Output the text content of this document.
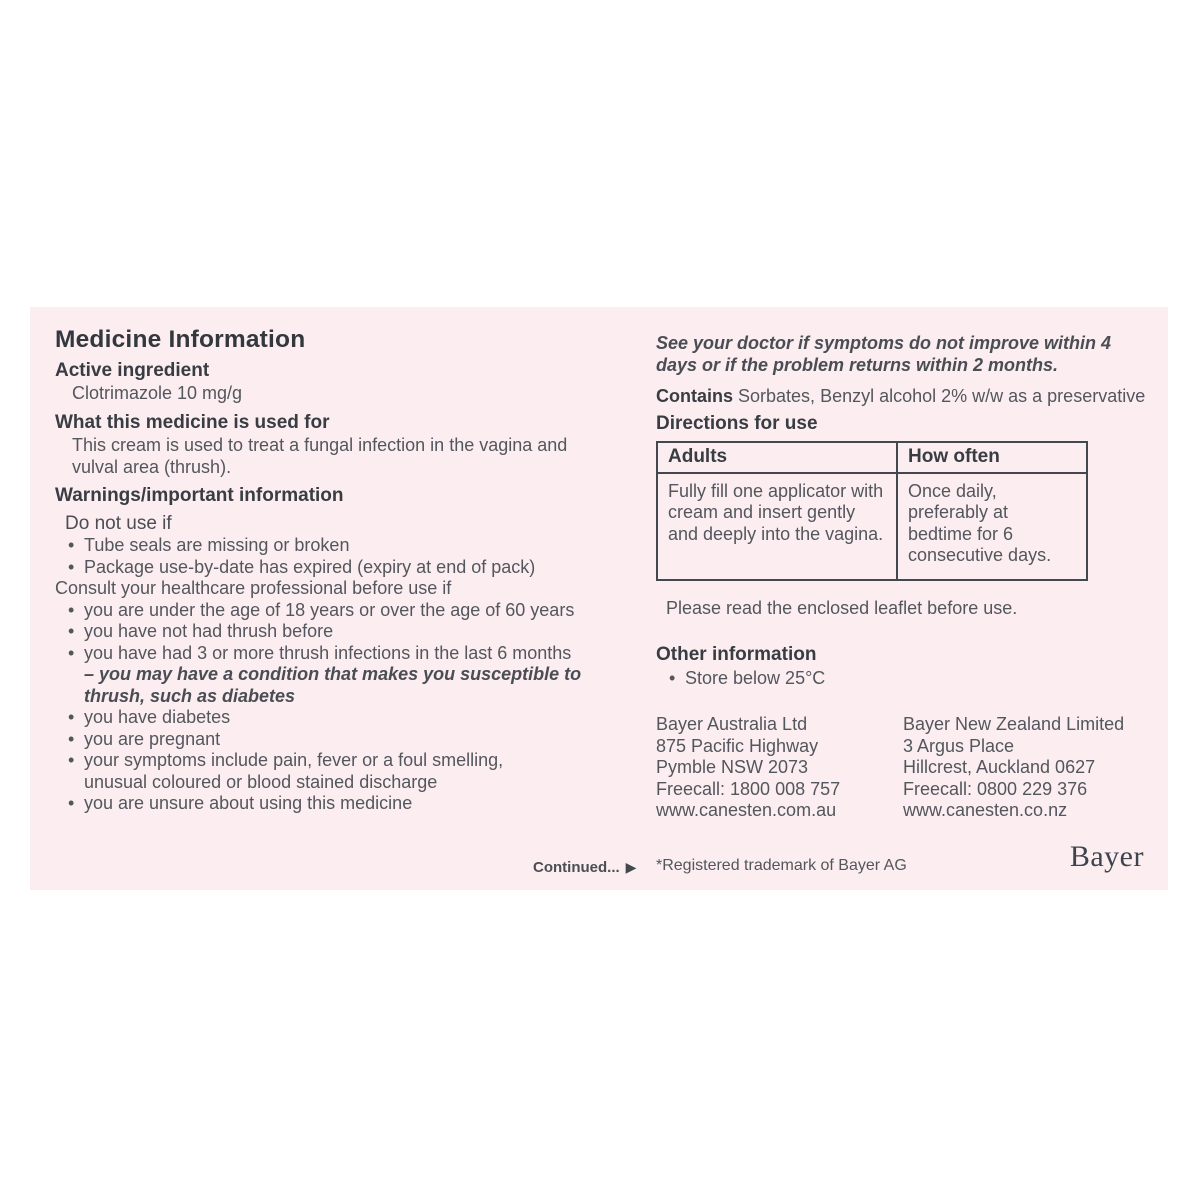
Medicine Information
Active ingredient
Clotrimazole 10 mg/g
What this medicine is used for
This cream is used to treat a fungal infection in the vagina and vulval area (thrush).
Warnings/important information
Do not use if
• Tube seals are missing or broken
• Package use-by-date has expired (expiry at end of pack)
Consult your healthcare professional before use if
• you are under the age of 18 years or over the age of 60 years
• you have not had thrush before
• you have had 3 or more thrush infections in the last 6 months
– you may have a condition that makes you susceptible to thrush, such as diabetes
• you have diabetes
• you are pregnant
• your symptoms include pain, fever or a foul smelling, unusual coloured or blood stained discharge
• you are unsure about using this medicine
See your doctor if symptoms do not improve within 4 days or if the problem returns within 2 months.
Contains Sorbates, Benzyl alcohol 2% w/w as a preservative
Directions for use
Adults	How often
Fully fill one applicator with cream and insert gently and deeply into the vagina.	Once daily, preferably at bedtime for 6 consecutive days.
Please read the enclosed leaflet before use.
Other information
• Store below 25°C
Bayer Australia Ltd
875 Pacific Highway
Pymble NSW 2073
Freecall: 1800 008 757
www.canesten.com.au
Bayer New Zealand Limited
3 Argus Place
Hillcrest, Auckland 0627
Freecall: 0800 229 376
www.canesten.co.nz
Continued... ▶ *Registered trademark of Bayer AG	Bayer
